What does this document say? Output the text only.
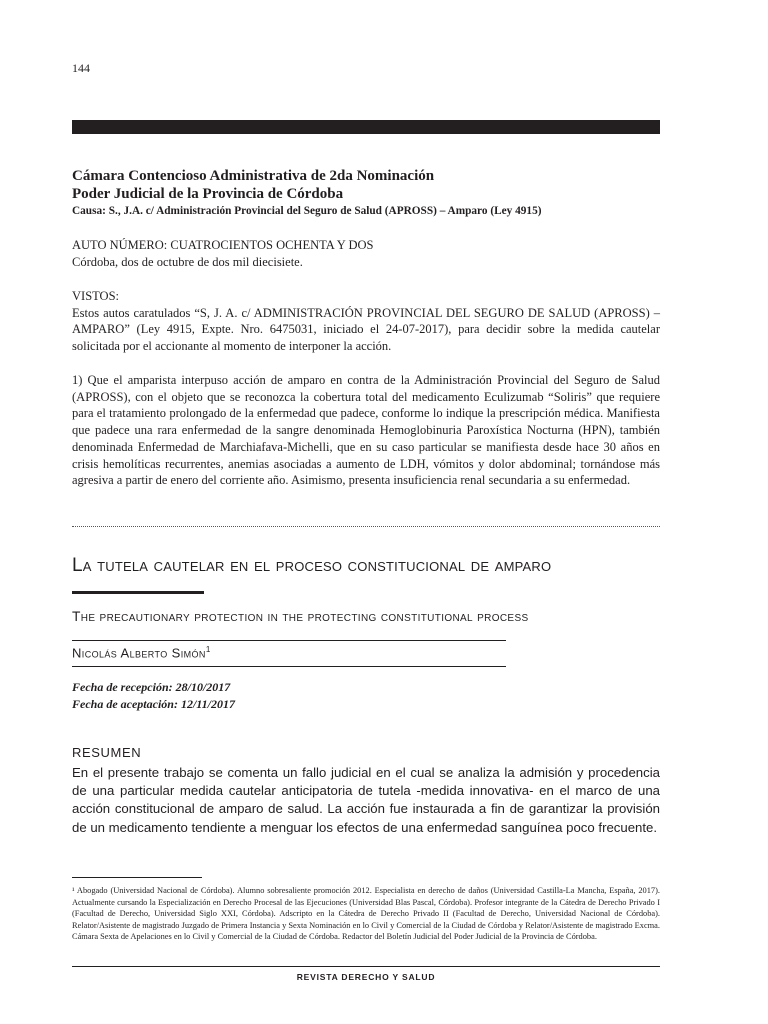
144
Cámara Contencioso Administrativa de 2da Nominación
Poder Judicial de la Provincia de Córdoba
Causa: S., J.A. c/ Administración Provincial del Seguro de Salud (APROSS) – Amparo (Ley 4915)

AUTO NÚMERO: CUATROCIENTOS OCHENTA Y DOS

Córdoba, dos de octubre de dos mil diecisiete.

VISTOS:

Estos autos caratulados “S, J. A. c/ ADMINISTRACIÓN PROVINCIAL DEL SEGURO DE SALUD (APROSS) – AMPARO” (Ley 4915, Expte. Nro. 6475031, iniciado el 24-07-2017), para decidir sobre la medida cautelar solicitada por el accionante al momento de interponer la acción.

1) Que el amparista interpuso acción de amparo en contra de la Administración Provincial del Seguro de Salud (APROSS), con el objeto que se reconozca la cobertura total del medicamento Eculizumab “Soliris” que requiere para el tratamiento prolongado de la enfermedad que padece, conforme lo indique la prescripción médica. Manifiesta que padece una rara enfermedad de la sangre denominada Hemoglobinuria Paroxística Nocturna (HPN), también denominada Enfermedad de Marchiafava-Michelli, que en su caso particular se manifiesta desde hace 30 años en crisis hemolíticas recurrentes, anemias asociadas a aumento de LDH, vómitos y dolor abdominal; tornándose más agresiva a partir de enero del corriente año. Asimismo, presenta insuficiencia renal secundaria a su enfermedad.

La tutela cautelar en el proceso constitucional de amparo
The precautionary protection in the protecting constitutional process
Nicolás Alberto Simón$^1$
Fecha de recepción: 28/10/2017
Fecha de aceptación: 12/11/2017
RESUMEN
En el presente trabajo se comenta un fallo judicial en el cual se analiza la admisión y procedencia de una particular medida cautelar anticipatoria de tutela -medida innovativa- en el marco de una acción constitucional de amparo de salud. La acción fue instaurada a fin de garantizar la provisión de un medicamento tendiente a menguar los efectos de una enfermedad sanguínea poco frecuente.
¹ Abogado (Universidad Nacional de Córdoba). Alumno sobresaliente promoción 2012. Especialista en derecho de daños (Universidad Castilla-La Mancha, España, 2017). Actualmente cursando la Especialización en Derecho Procesal de las Ejecuciones (Universidad Blas Pascal, Córdoba). Profesor integrante de la Cátedra de Derecho Privado I (Facultad de Derecho, Universidad Siglo XXI, Córdoba). Adscripto en la Cátedra de Derecho Privado II (Facultad de Derecho, Universidad Nacional de Córdoba). Relator/Asistente de magistrado Juzgado de Primera Instancia y Sexta Nominación en lo Civil y Comercial de la Ciudad de Córdoba y Relator/Asistente de magistrado Excma. Cámara Sexta de Apelaciones en lo Civil y Comercial de la Ciudad de Córdoba. Redactor del Boletín Judicial del Poder Judicial de la Provincia de Córdoba.
REVISTA DERECHO Y SALUD
